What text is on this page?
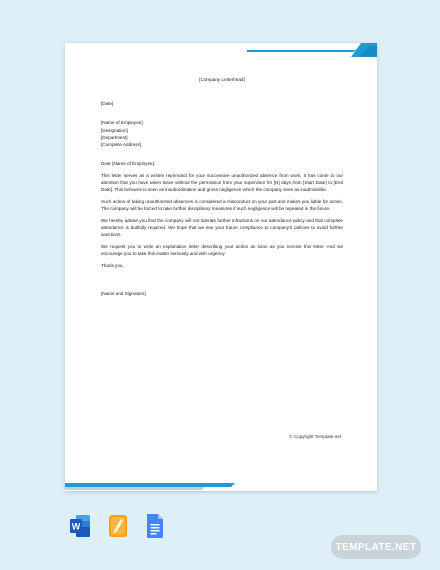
[Company Letterhead]
[Date]
[Name of Employee]
[Designation]
[Department]
[Complete Address]
Dear [Name of Employee],

This letter serves as a written reprimand for your successive unauthorized absence from work. It has come to our attention that you have taken leave without the permission from your supervisor for [N] days from [Start Date] to [End Date]. This behavior is seen as insubordination and gross negligence which the company sees as inadmissible.

Such action of taking unauthorized absences is considered a misconduct on your part and makes you liable for action. The company will be forced to take further disciplinary measures if such negligence will be repeated in the future.

We hereby advise you that the company will not tolerate further infractions on our attendance policy and that complete attendance is dutifully required. We hope that we see your future compliance to company’s policies to avoid further sanctions.

We request you to write an explanation letter describing your action as soon as you receive this letter. And we encourage you to take this matter seriously and with urgency.

Thank you,
[Name and Signature]
© Copyright Template.net
W
TEMPLATE.NET
